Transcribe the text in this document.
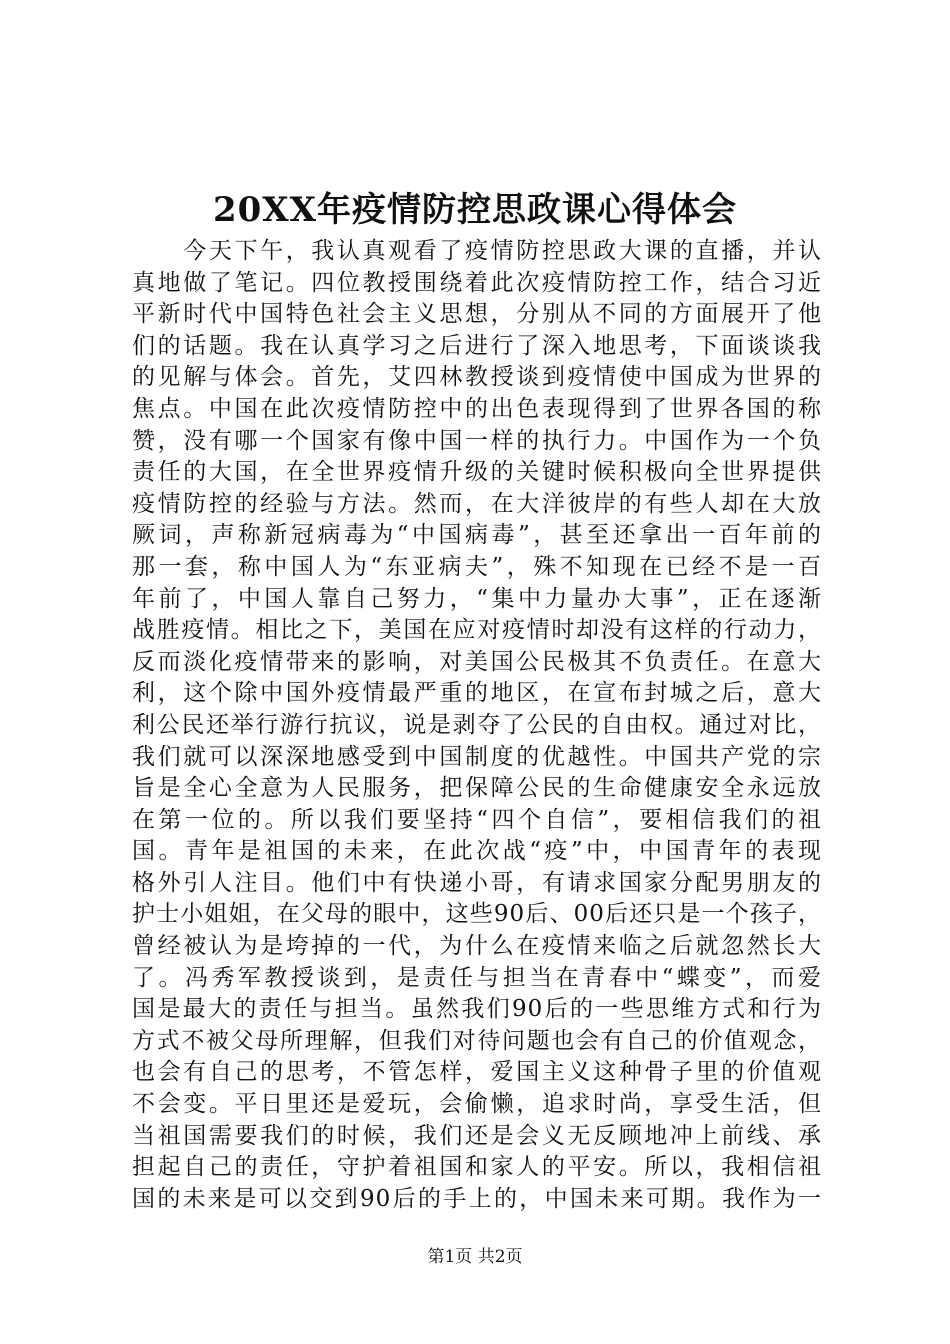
20XX年疫情防控思政课心得体会
　　今天下午，我认真观看了疫情防控思政大课的直播，并认
真地做了笔记。四位教授围绕着此次疫情防控工作，结合习近
平新时代中国特色社会主义思想，分别从不同的方面展开了他
们的话题。我在认真学习之后进行了深入地思考，下面谈谈我
的见解与体会。首先，艾四林教授谈到疫情使中国成为世界的
焦点。中国在此次疫情防控中的出色表现得到了世界各国的称
赞，没有哪一个国家有像中国一样的执行力。中国作为一个负
责任的大国，在全世界疫情升级的关键时候积极向全世界提供
疫情防控的经验与方法。然而，在大洋彼岸的有些人却在大放
厥词，声称新冠病毒为“中国病毒”，甚至还拿出一百年前的
那一套，称中国人为“东亚病夫”，殊不知现在已经不是一百
年前了，中国人靠自己努力，“集中力量办大事”，正在逐渐
战胜疫情。相比之下，美国在应对疫情时却没有这样的行动力，
反而淡化疫情带来的影响，对美国公民极其不负责任。在意大
利，这个除中国外疫情最严重的地区，在宣布封城之后，意大
利公民还举行游行抗议，说是剥夺了公民的自由权。通过对比，
我们就可以深深地感受到中国制度的优越性。中国共产党的宗
旨是全心全意为人民服务，把保障公民的生命健康安全永远放
在第一位的。所以我们要坚持“四个自信”，要相信我们的祖
国。青年是祖国的未来，在此次战“疫”中，中国青年的表现
格外引人注目。他们中有快递小哥，有请求国家分配男朋友的
护士小姐姐，在父母的眼中，这些90后、00后还只是一个孩子，
曾经被认为是垮掉的一代，为什么在疫情来临之后就忽然长大
了。冯秀军教授谈到，是责任与担当在青春中“蝶变”，而爱
国是最大的责任与担当。虽然我们90后的一些思维方式和行为
方式不被父母所理解，但我们对待问题也会有自己的价值观念，
也会有自己的思考，不管怎样，爱国主义这种骨子里的价值观
不会变。平日里还是爱玩，会偷懒，追求时尚，享受生活，但
当祖国需要我们的时候，我们还是会义无反顾地冲上前线、承
担起自己的责任，守护着祖国和家人的平安。所以，我相信祖
国的未来是可以交到90后的手上的，中国未来可期。我作为一
第1页 共2页
